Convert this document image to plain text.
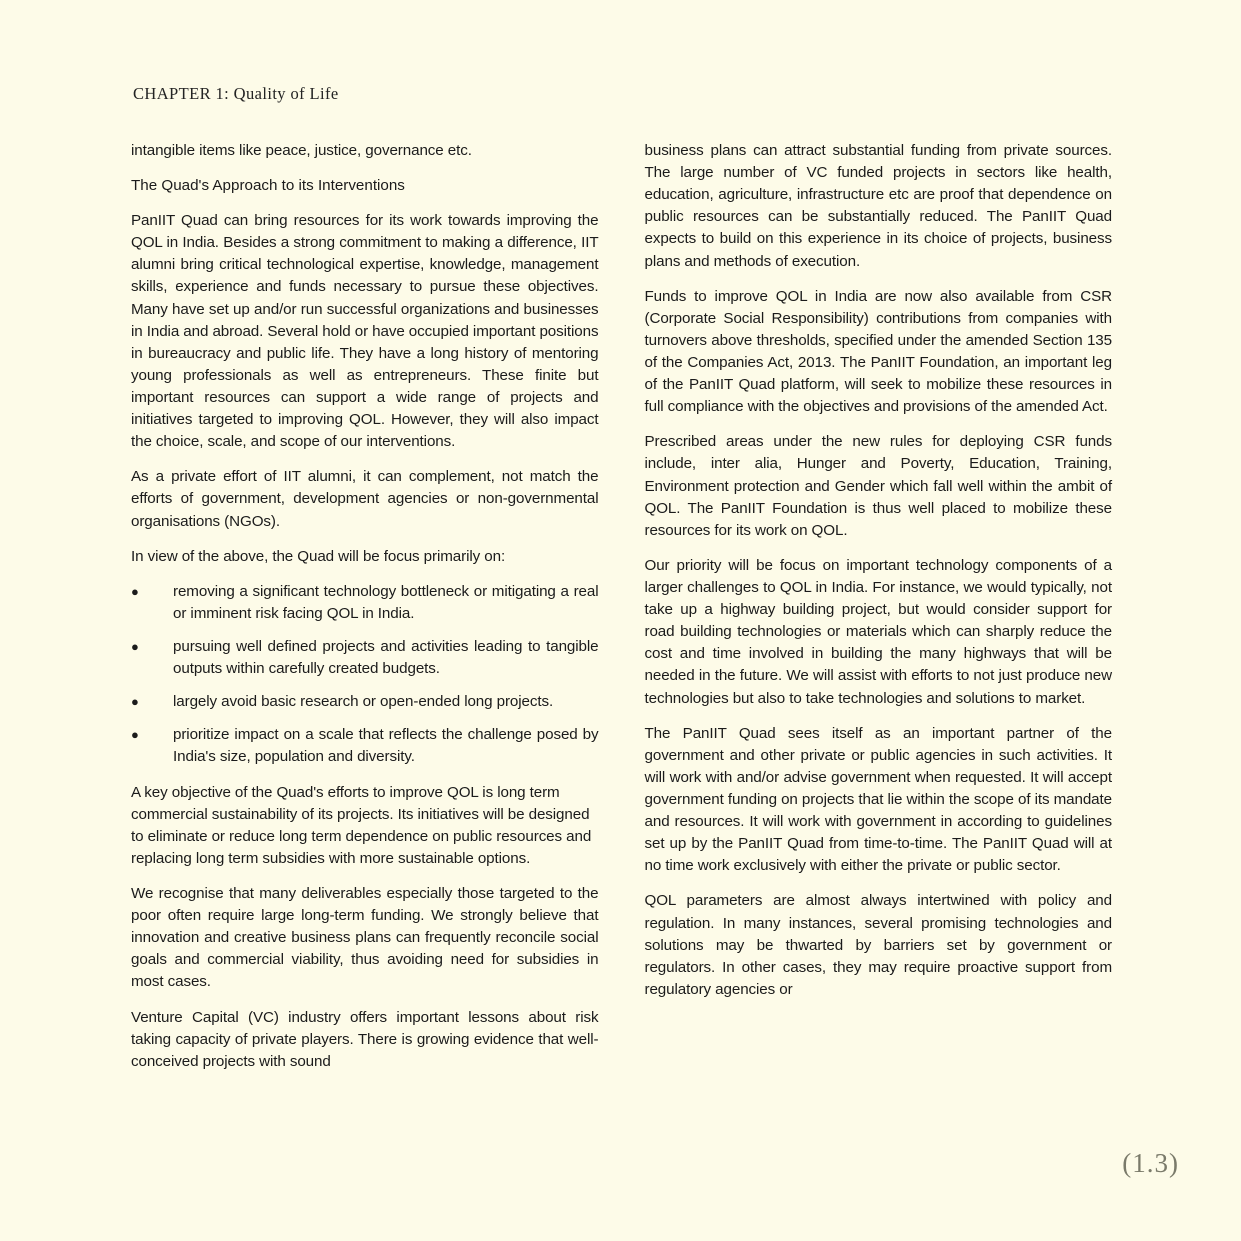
CHAPTER 1: Quality of Life

intangible items like peace, justice, governance etc.

The Quad's Approach to its Interventions

PanIIT Quad can bring resources for its work towards improving the QOL in India. Besides a strong commitment to making a difference, IIT alumni bring critical technological expertise, knowledge, management skills, experience and funds necessary to pursue these objectives. Many have set up and/or run successful organizations and businesses in India and abroad. Several hold or have occupied important positions in bureaucracy and public life. They have a long history of mentoring young professionals as well as entrepreneurs. These finite but important resources can support a wide range of projects and initiatives targeted to improving QOL. However, they will also impact the choice, scale, and scope of our interventions.

As a private effort of IIT alumni, it can complement, not match the efforts of government, development agencies or non-governmental organisations (NGOs).

In view of the above, the Quad will be focus primarily on:

● removing a significant technology bottleneck or mitigating a real or imminent risk facing QOL in India.
● pursuing well defined projects and activities leading to tangible outputs within carefully created budgets.
● largely avoid basic research or open-ended long projects.
● prioritize impact on a scale that reflects the challenge posed by India's size, population and diversity.

A key objective of the Quad's efforts to improve QOL is long term commercial sustainability of its projects. Its initiatives will be designed to eliminate or reduce long term dependence on public resources and replacing long term subsidies with more sustainable options.

We recognise that many deliverables especially those targeted to the poor often require large long-term funding. We strongly believe that innovation and creative business plans can frequently reconcile social goals and commercial viability, thus avoiding need for subsidies in most cases.

Venture Capital (VC) industry offers important lessons about risk taking capacity of private players. There is growing evidence that well-conceived projects with sound

business plans can attract substantial funding from private sources. The large number of VC funded projects in sectors like health, education, agriculture, infrastructure etc are proof that dependence on public resources can be substantially reduced. The PanIIT Quad expects to build on this experience in its choice of projects, business plans and methods of execution.

Funds to improve QOL in India are now also available from CSR (Corporate Social Responsibility) contributions from companies with turnovers above thresholds, specified under the amended Section 135 of the Companies Act, 2013. The PanIIT Foundation, an important leg of the PanIIT Quad platform, will seek to mobilize these resources in full compliance with the objectives and provisions of the amended Act.

Prescribed areas under the new rules for deploying CSR funds include, inter alia, Hunger and Poverty, Education, Training, Environment protection and Gender which fall well within the ambit of QOL. The PanIIT Foundation is thus well placed to mobilize these resources for its work on QOL.

Our priority will be focus on important technology components of a larger challenges to QOL in India. For instance, we would typically, not take up a highway building project, but would consider support for road building technologies or materials which can sharply reduce the cost and time involved in building the many highways that will be needed in the future. We will assist with efforts to not just produce new technologies but also to take technologies and solutions to market.

The PanIIT Quad sees itself as an important partner of the government and other private or public agencies in such activities. It will work with and/or advise government when requested. It will accept government funding on projects that lie within the scope of its mandate and resources. It will work with government in according to guidelines set up by the PanIIT Quad from time-to-time. The PanIIT Quad will at no time work exclusively with either the private or public sector.

QOL parameters are almost always intertwined with policy and regulation. In many instances, several promising technologies and solutions may be thwarted by barriers set by government or regulators. In other cases, they may require proactive support from regulatory agencies or

(1.3)
